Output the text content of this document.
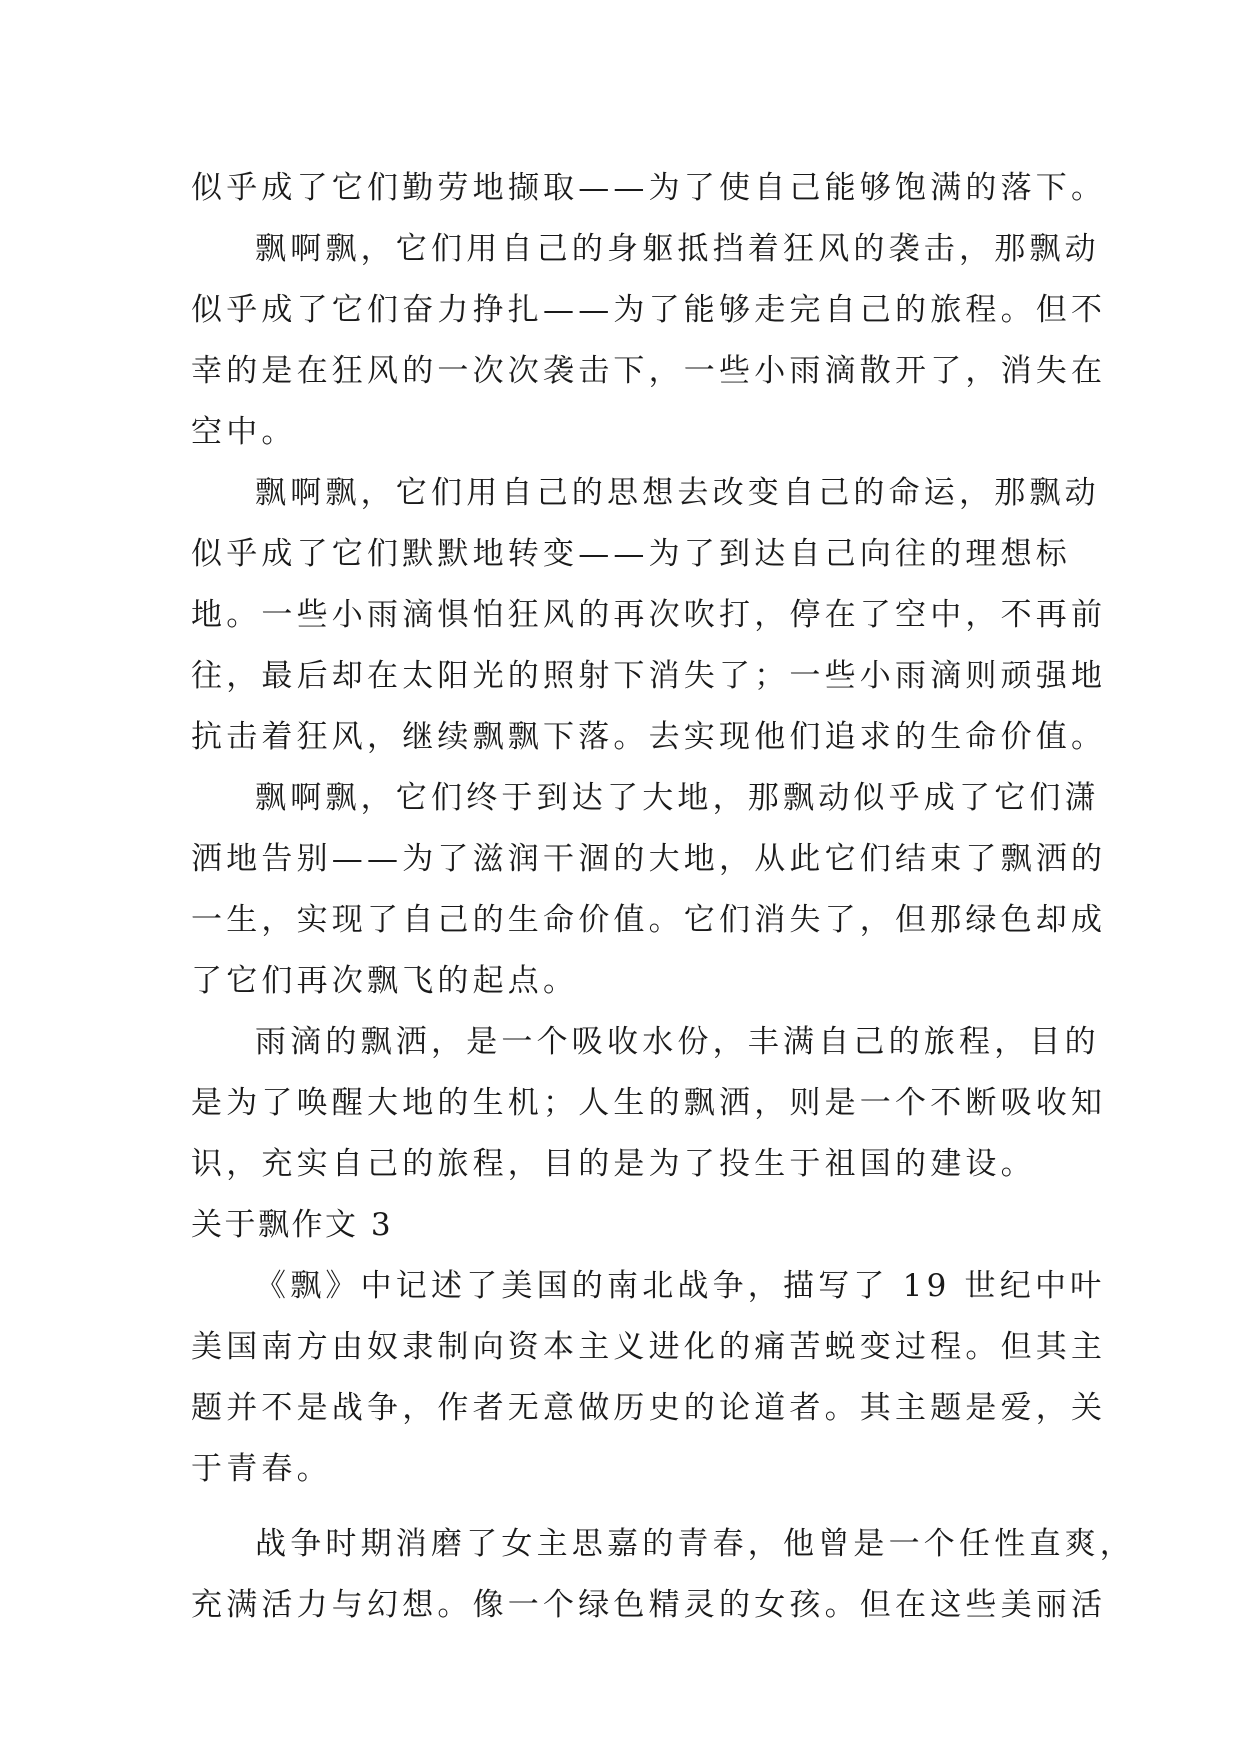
似乎成了它们勤劳地撷取——为了使自己能够饱满的落下。
飘啊飘，它们用自己的身躯抵挡着狂风的袭击，那飘动
似乎成了它们奋力挣扎——为了能够走完自己的旅程。但不
幸的是在狂风的一次次袭击下，一些小雨滴散开了，消失在
空中。
飘啊飘，它们用自己的思想去改变自己的命运，那飘动
似乎成了它们默默地转变——为了到达自己向往的理想标
地。一些小雨滴惧怕狂风的再次吹打，停在了空中，不再前
往，最后却在太阳光的照射下消失了；一些小雨滴则顽强地
抗击着狂风，继续飘飘下落。去实现他们追求的生命价值。
飘啊飘，它们终于到达了大地，那飘动似乎成了它们潇
洒地告别——为了滋润干涸的大地，从此它们结束了飘洒的
一生，实现了自己的生命价值。它们消失了，但那绿色却成
了它们再次飘飞的起点。
雨滴的飘洒，是一个吸收水份，丰满自己的旅程，目的
是为了唤醒大地的生机；人生的飘洒，则是一个不断吸收知
识，充实自己的旅程，目的是为了投生于祖国的建设。
关于飘作文 3
《飘》中记述了美国的南北战争，描写了 19 世纪中叶
美国南方由奴隶制向资本主义进化的痛苦蜕变过程。但其主
题并不是战争，作者无意做历史的论道者。其主题是爱，关
于青春。
战争时期消磨了女主思嘉的青春，他曾是一个任性直爽，
充满活力与幻想。像一个绿色精灵的女孩。但在这些美丽活
